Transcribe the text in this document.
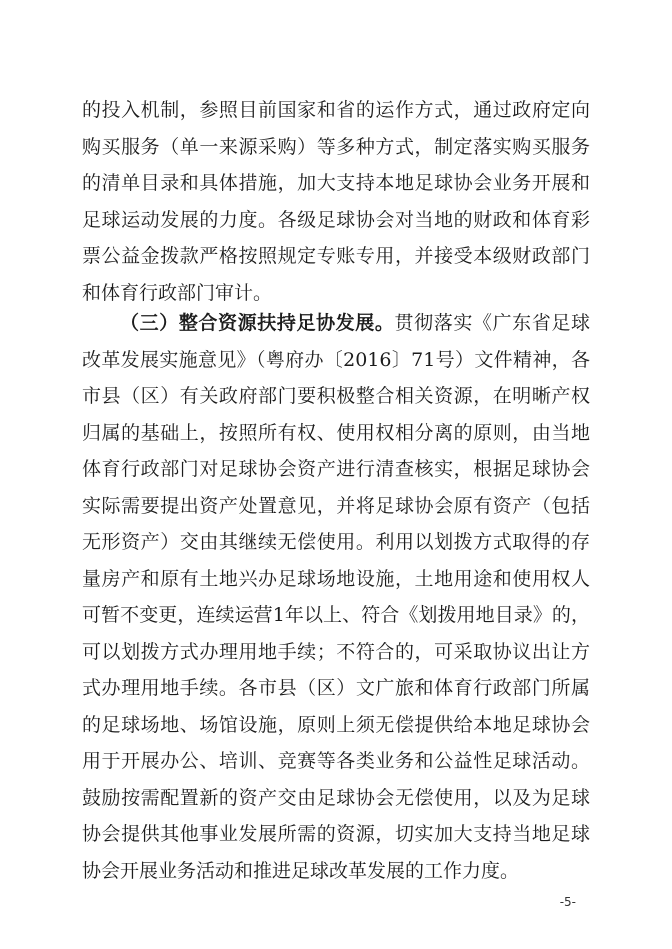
的投入机制，参照目前国家和省的运作方式，通过政府定向购买服务（单一来源采购）等多种方式，制定落实购买服务的清单目录和具体措施，加大支持本地足球协会业务开展和足球运动发展的力度。各级足球协会对当地的财政和体育彩票公益金拨款严格按照规定专账专用，并接受本级财政部门和体育行政部门审计。

（三）整合资源扶持足协发展。贯彻落实《广东省足球改革发展实施意见》（粤府办〔2016〕71号）文件精神，各市县（区）有关政府部门要积极整合相关资源，在明晰产权归属的基础上，按照所有权、使用权相分离的原则，由当地体育行政部门对足球协会资产进行清查核实，根据足球协会实际需要提出资产处置意见，并将足球协会原有资产（包括无形资产）交由其继续无偿使用。利用以划拨方式取得的存量房产和原有土地兴办足球场地设施，土地用途和使用权人可暂不变更，连续运营1年以上、符合《划拨用地目录》的，可以划拨方式办理用地手续；不符合的，可采取协议出让方式办理用地手续。各市县（区）文广旅和体育行政部门所属的足球场地、场馆设施，原则上须无偿提供给本地足球协会用于开展办公、培训、竞赛等各类业务和公益性足球活动。鼓励按需配置新的资产交由足球协会无偿使用，以及为足球协会提供其他事业发展所需的资源，切实加大支持当地足球协会开展业务活动和推进足球改革发展的工作力度。

-5-
